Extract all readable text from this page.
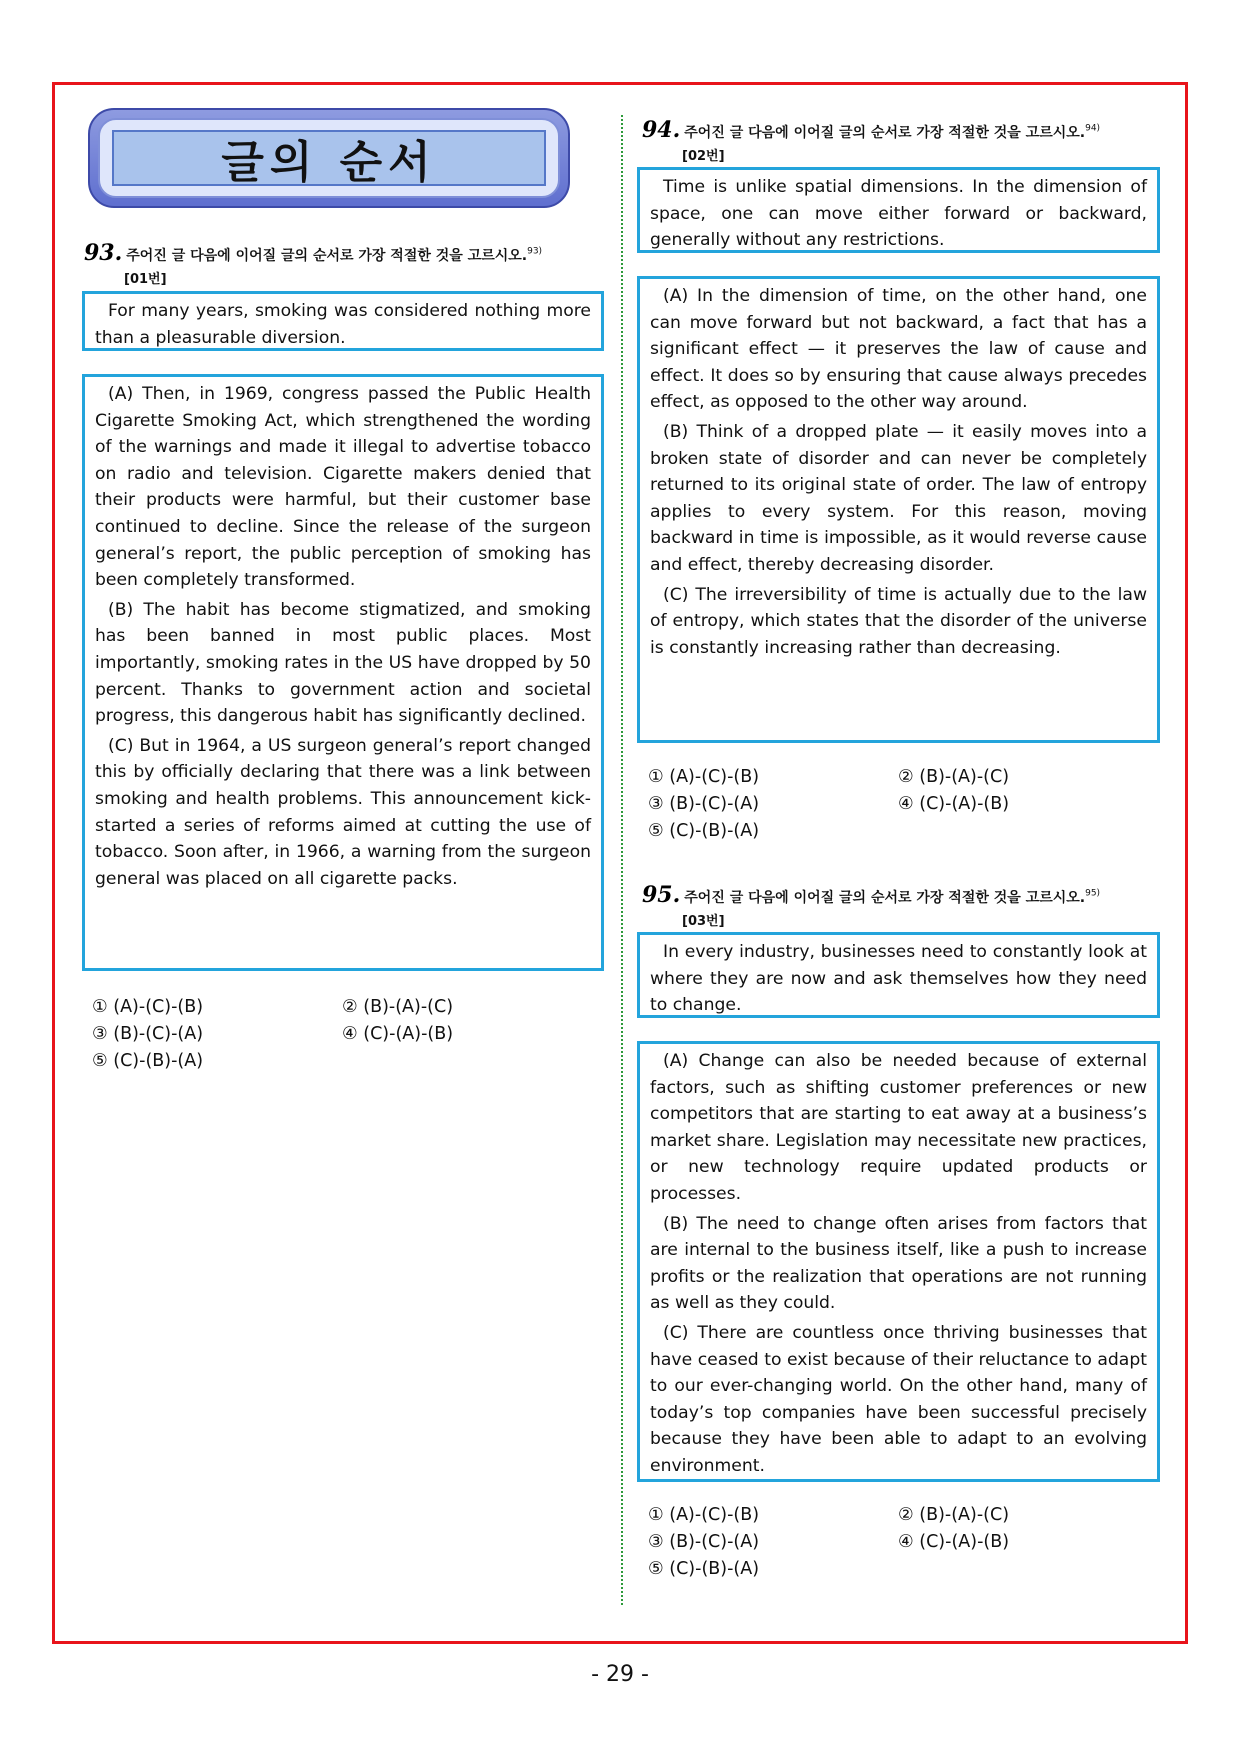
글의 순서
93. 주어진 글 다음에 이어질 글의 순서로 가장 적절한 것을 고르시오.$^{93)}$
[01번]

For many years, smoking was considered nothing more than a pleasurable diversion.

(A) Then, in 1969, congress passed the Public Health Cigarette Smoking Act, which strengthened the wording of the warnings and made it illegal to advertise tobacco on radio and television. Cigarette makers denied that their products were harmful, but their customer base continued to decline. Since the release of the surgeon general’s report, the public perception of smoking has been completely transformed.

(B) The habit has become stigmatized, and smoking has been banned in most public places. Most importantly, smoking rates in the US have dropped by 50 percent. Thanks to government action and societal progress, this dangerous habit has significantly declined.

(C) But in 1964, a US surgeon general’s report changed this by officially declaring that there was a link between smoking and health problems. This announcement kick-started a series of reforms aimed at cutting the use of tobacco. Soon after, in 1966, a warning from the surgeon general was placed on all cigarette packs.

① (A)-(C)-(B)	② (B)-(A)-(C)
③ (B)-(C)-(A)	④ (C)-(A)-(B)
⑤ (C)-(B)-(A)
94. 주어진 글 다음에 이어질 글의 순서로 가장 적절한 것을 고르시오.$^{94)}$
[02번]

Time is unlike spatial dimensions. In the dimension of space, one can move either forward or backward, generally without any restrictions.

(A) In the dimension of time, on the other hand, one can move forward but not backward, a fact that has a significant effect — it preserves the law of cause and effect. It does so by ensuring that cause always precedes effect, as opposed to the other way around.

(B) Think of a dropped plate — it easily moves into a broken state of disorder and can never be completely returned to its original state of order. The law of entropy applies to every system. For this reason, moving backward in time is impossible, as it would reverse cause and effect, thereby decreasing disorder.

(C) The irreversibility of time is actually due to the law of entropy, which states that the disorder of the universe is constantly increasing rather than decreasing.

① (A)-(C)-(B)	② (B)-(A)-(C)
③ (B)-(C)-(A)	④ (C)-(A)-(B)
⑤ (C)-(B)-(A)
95. 주어진 글 다음에 이어질 글의 순서로 가장 적절한 것을 고르시오.$^{95)}$
[03번]

In every industry, businesses need to constantly look at where they are now and ask themselves how they need to change.

(A) Change can also be needed because of external factors, such as shifting customer preferences or new competitors that are starting to eat away at a business’s market share. Legislation may necessitate new practices, or new technology require updated products or processes.

(B) The need to change often arises from factors that are internal to the business itself, like a push to increase profits or the realization that operations are not running as well as they could.

(C) There are countless once thriving businesses that have ceased to exist because of their reluctance to adapt to our ever-changing world. On the other hand, many of today’s top companies have been successful precisely because they have been able to adapt to an evolving environment.

① (A)-(C)-(B)	② (B)-(A)-(C)
③ (B)-(C)-(A)	④ (C)-(A)-(B)
⑤ (C)-(B)-(A)
- 29 -
